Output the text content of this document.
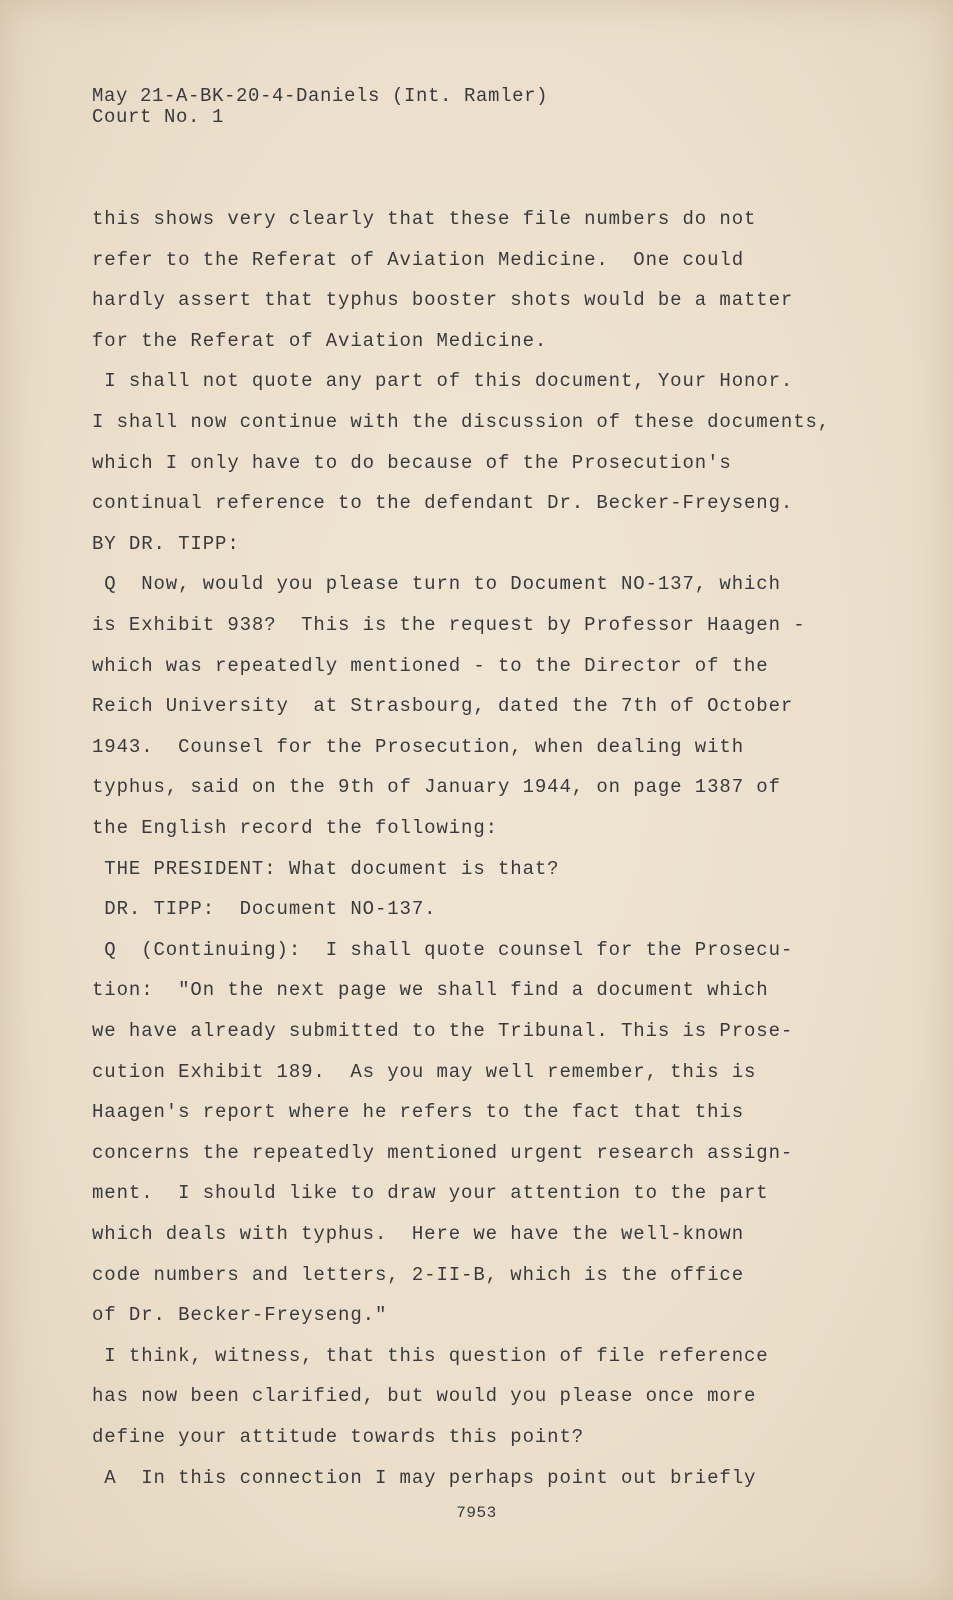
May 21-A-BK-20-4-Daniels (Int. Ramler)
Court No. 1
this shows very clearly that these file numbers do not
refer to the Referat of Aviation Medicine.  One could
hardly assert that typhus booster shots would be a matter
for the Referat of Aviation Medicine.
I shall not quote any part of this document, Your Honor.
I shall now continue with the discussion of these documents,
which I only have to do because of the Prosecution's
continual reference to the defendant Dr. Becker-Freyseng.
BY DR. TIPP:
Q  Now, would you please turn to Document NO-137, which
is Exhibit 938?  This is the request by Professor Haagen -
which was repeatedly mentioned - to the Director of the
Reich University  at Strasbourg, dated the 7th of October
1943.  Counsel for the Prosecution, when dealing with
typhus, said on the 9th of January 1944, on page 1387 of
the English record the following:
THE PRESIDENT: What document is that?
DR. TIPP:  Document NO-137.
Q  (Continuing):  I shall quote counsel for the Prosecu-
tion:  "On the next page we shall find a document which
we have already submitted to the Tribunal. This is Prose-
cution Exhibit 189.  As you may well remember, this is
Haagen's report where he refers to the fact that this
concerns the repeatedly mentioned urgent research assign-
ment.  I should like to draw your attention to the part
which deals with typhus.  Here we have the well-known
code numbers and letters, 2-II-B, which is the office
of Dr. Becker-Freyseng."
I think, witness, that this question of file reference
has now been clarified, but would you please once more
define your attitude towards this point?
A  In this connection I may perhaps point out briefly
7953
